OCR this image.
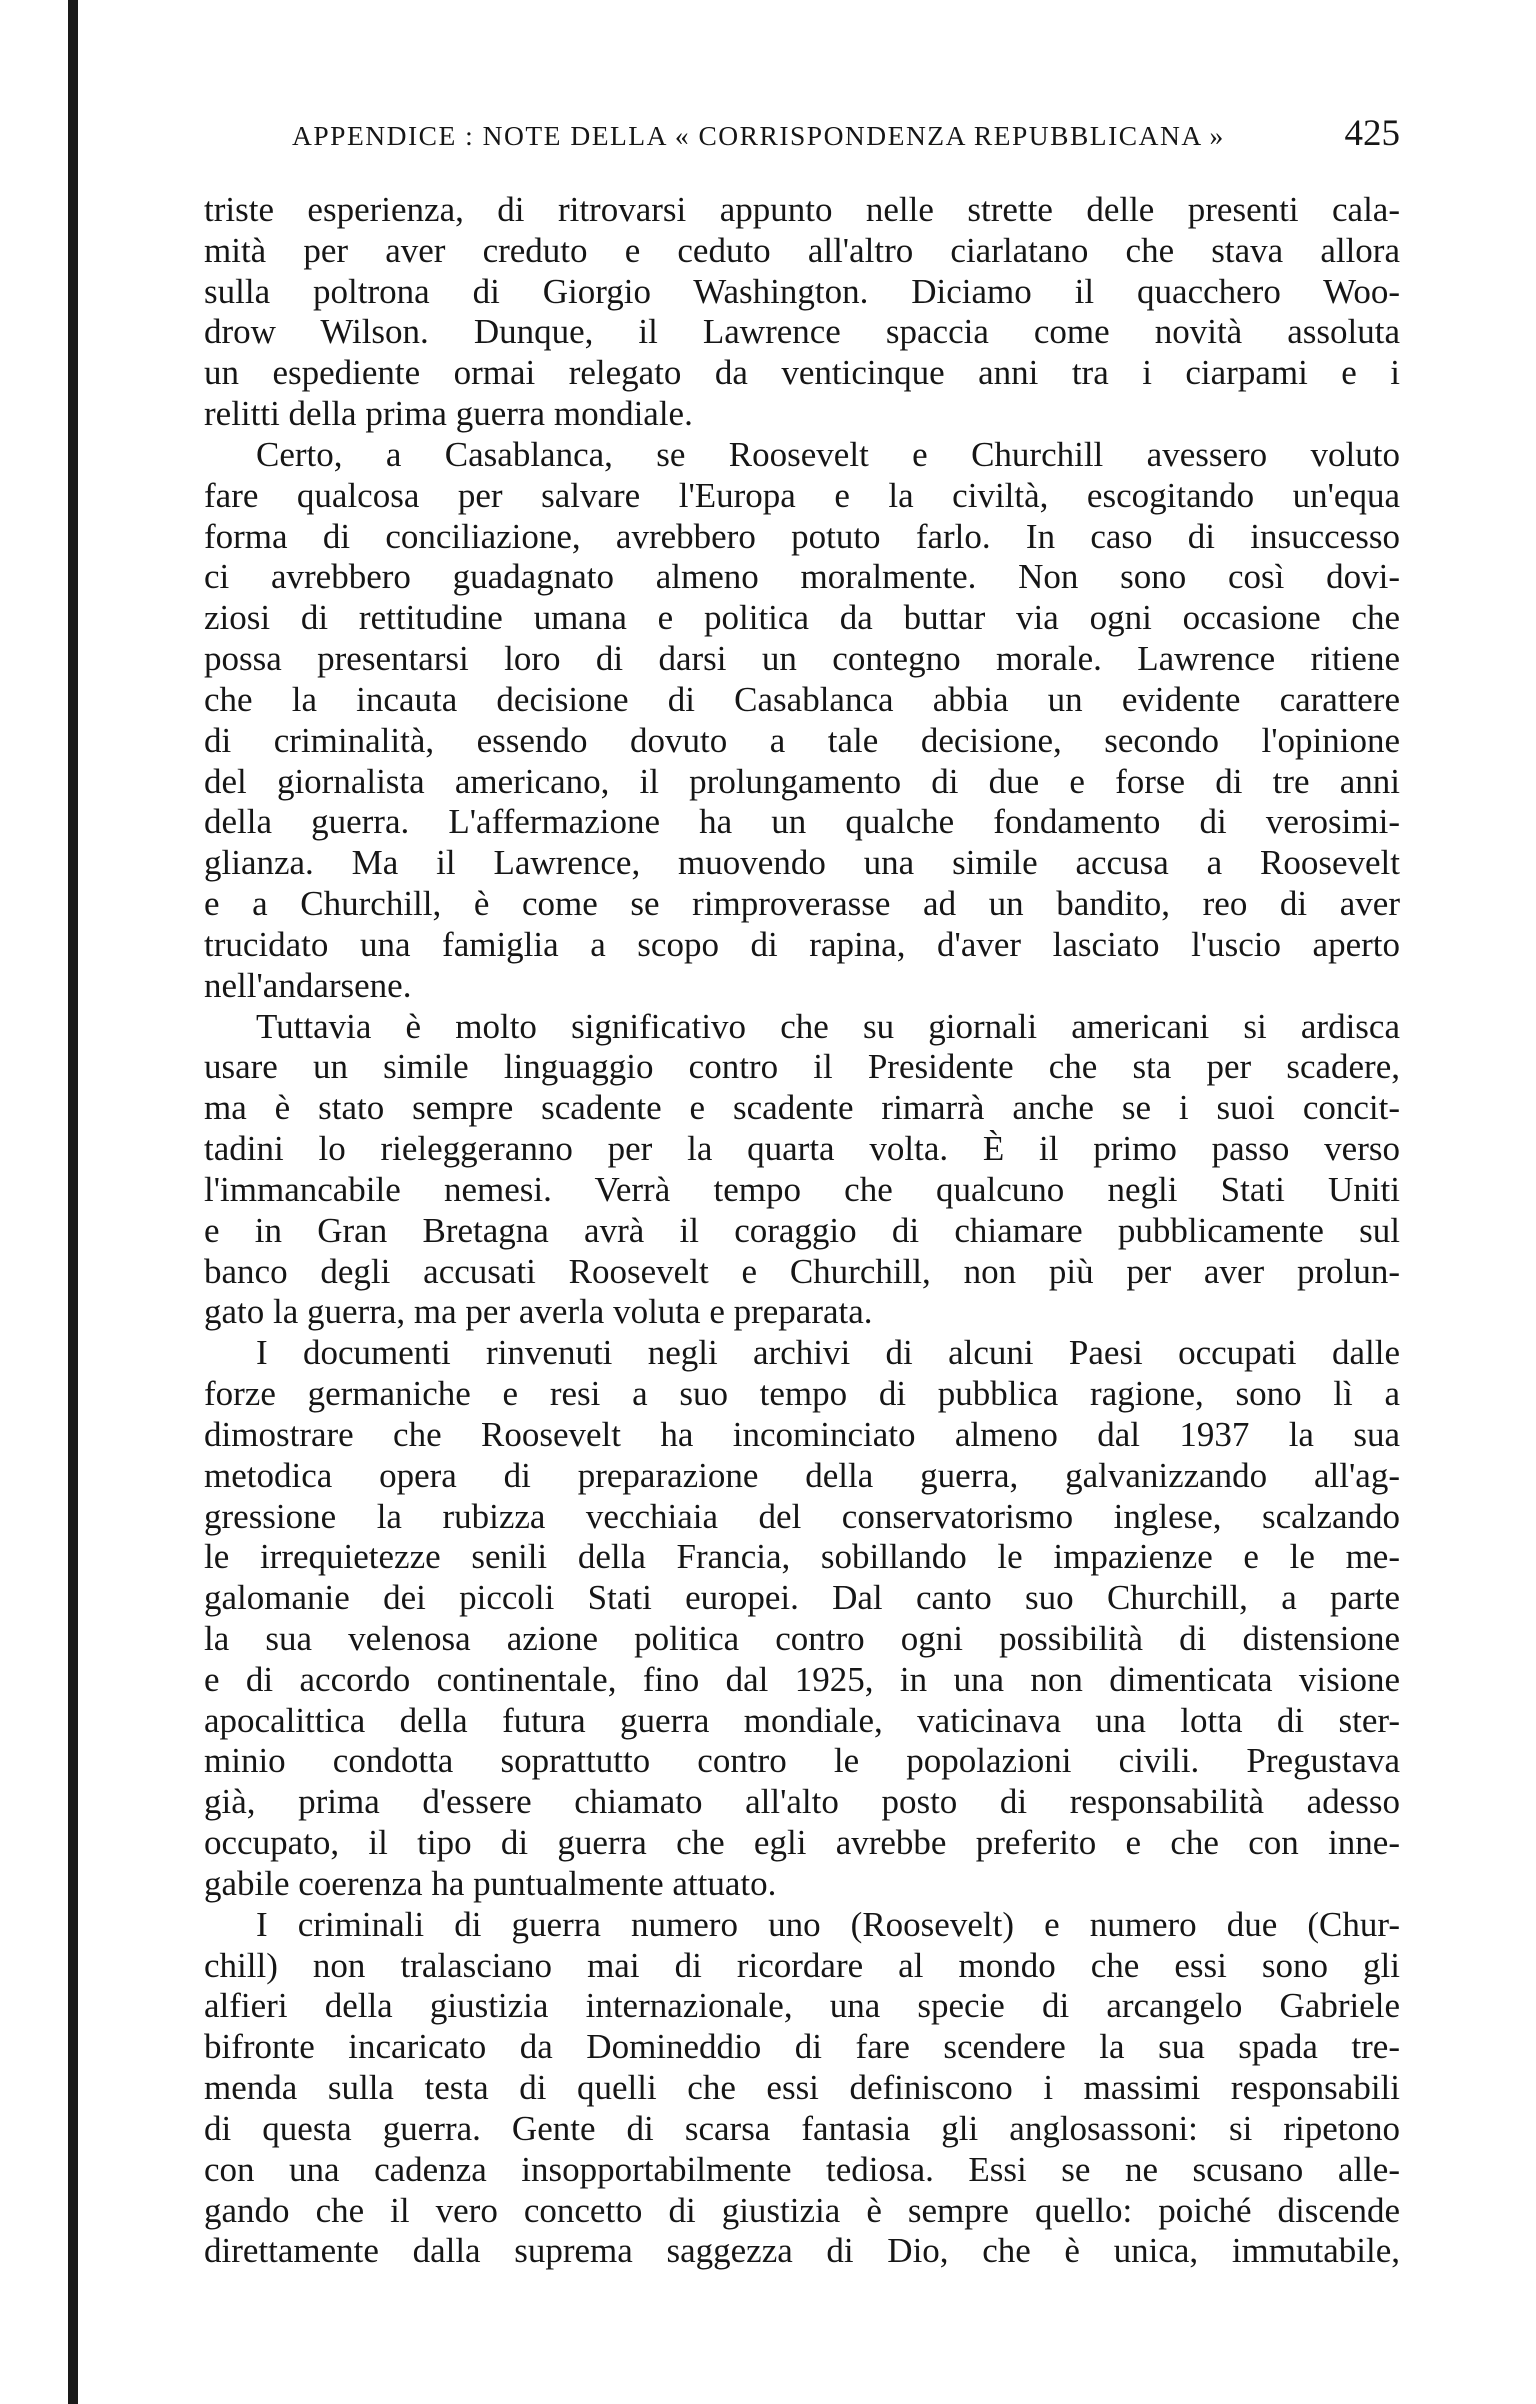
APPENDICE : NOTE DELLA « CORRISPONDENZA REPUBBLICANA »	425
triste esperienza, di ritrovarsi appunto nelle strette delle presenti cala-
mità per aver creduto e ceduto all'altro ciarlatano che stava allora
sulla poltrona di Giorgio Washington. Diciamo il quacchero Woo-
drow Wilson. Dunque, il Lawrence spaccia come novità assoluta
un espediente ormai relegato da venticinque anni tra i ciarpami e i
relitti della prima guerra mondiale.
Certo, a Casablanca, se Roosevelt e Churchill avessero voluto
fare qualcosa per salvare l'Europa e la civiltà, escogitando un'equa
forma di conciliazione, avrebbero potuto farlo. In caso di insuccesso
ci avrebbero guadagnato almeno moralmente. Non sono così dovi-
ziosi di rettitudine umana e politica da buttar via ogni occasione che
possa presentarsi loro di darsi un contegno morale. Lawrence ritiene
che la incauta decisione di Casablanca abbia un evidente carattere
di criminalità, essendo dovuto a tale decisione, secondo l'opinione
del giornalista americano, il prolungamento di due e forse di tre anni
della guerra. L'affermazione ha un qualche fondamento di verosimi-
glianza. Ma il Lawrence, muovendo una simile accusa a Roosevelt
e a Churchill, è come se rimproverasse ad un bandito, reo di aver
trucidato una famiglia a scopo di rapina, d'aver lasciato l'uscio aperto
nell'andarsene.
Tuttavia è molto significativo che su giornali americani si ardisca
usare un simile linguaggio contro il Presidente che sta per scadere,
ma è stato sempre scadente e scadente rimarrà anche se i suoi concit-
tadini lo rieleggeranno per la quarta volta. È il primo passo verso
l'immancabile nemesi. Verrà tempo che qualcuno negli Stati Uniti
e in Gran Bretagna avrà il coraggio di chiamare pubblicamente sul
banco degli accusati Roosevelt e Churchill, non più per aver prolun-
gato la guerra, ma per averla voluta e preparata.
I documenti rinvenuti negli archivi di alcuni Paesi occupati dalle
forze germaniche e resi a suo tempo di pubblica ragione, sono lì a
dimostrare che Roosevelt ha incominciato almeno dal 1937 la sua
metodica opera di preparazione della guerra, galvanizzando all'ag-
gressione la rubizza vecchiaia del conservatorismo inglese, scalzando
le irrequietezze senili della Francia, sobillando le impazienze e le me-
galomanie dei piccoli Stati europei. Dal canto suo Churchill, a parte
la sua velenosa azione politica contro ogni possibilità di distensione
e di accordo continentale, fino dal 1925, in una non dimenticata visione
apocalittica della futura guerra mondiale, vaticinava una lotta di ster-
minio condotta soprattutto contro le popolazioni civili. Pregustava
già, prima d'essere chiamato all'alto posto di responsabilità adesso
occupato, il tipo di guerra che egli avrebbe preferito e che con inne-
gabile coerenza ha puntualmente attuato.
I criminali di guerra numero uno (Roosevelt) e numero due (Chur-
chill) non tralasciano mai di ricordare al mondo che essi sono gli
alfieri della giustizia internazionale, una specie di arcangelo Gabriele
bifronte incaricato da Domineddio di fare scendere la sua spada tre-
menda sulla testa di quelli che essi definiscono i massimi responsabili
di questa guerra. Gente di scarsa fantasia gli anglosassoni: si ripetono
con una cadenza insopportabilmente tediosa. Essi se ne scusano alle-
gando che il vero concetto di giustizia è sempre quello: poiché discende
direttamente dalla suprema saggezza di Dio, che è unica, immutabile,
